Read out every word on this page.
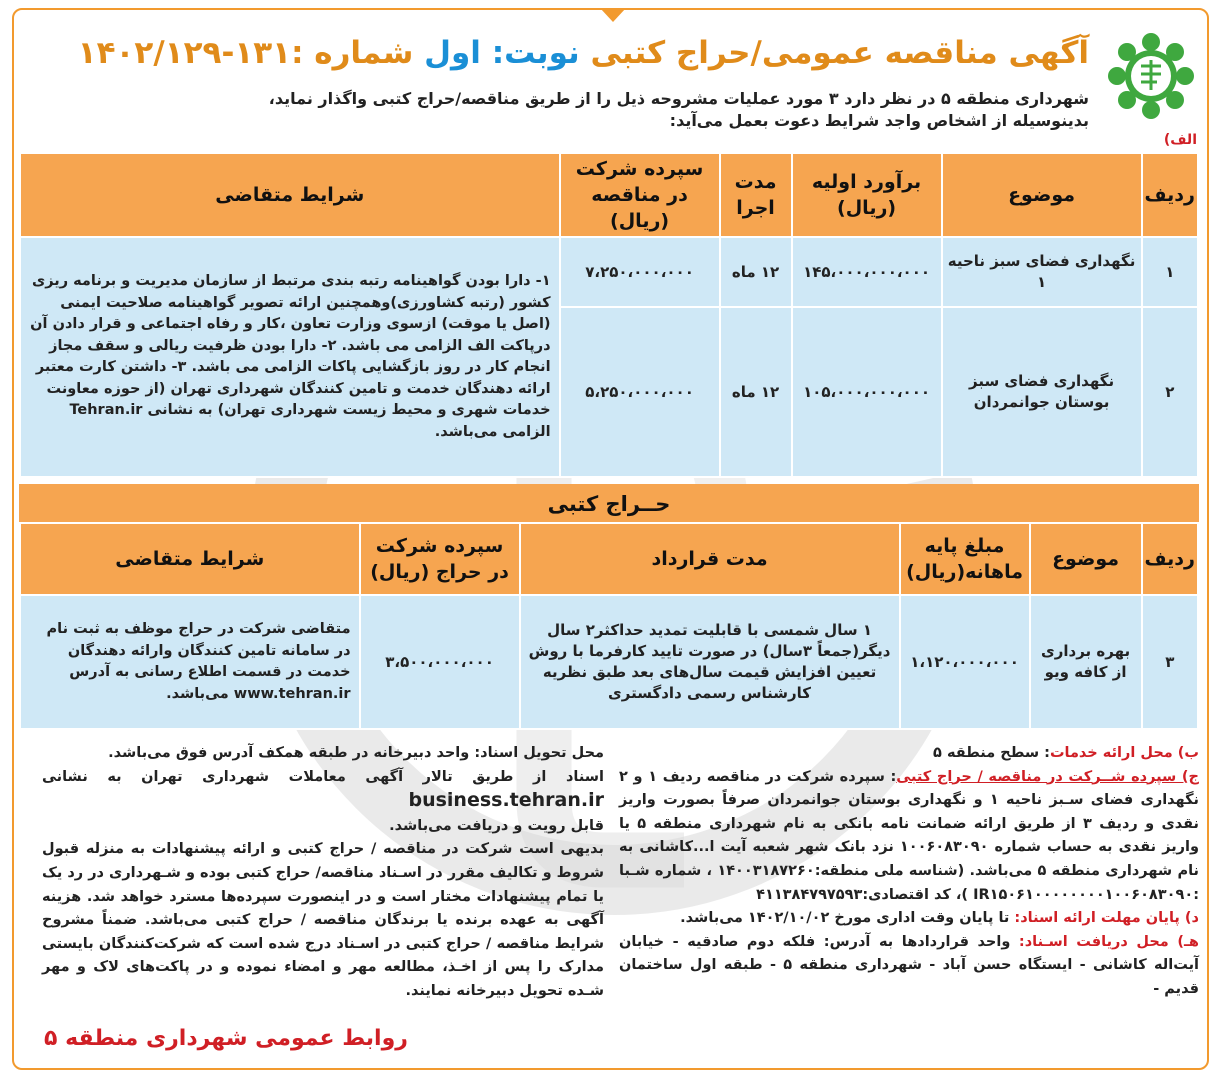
آگهی مناقصه عمومی/حراج کتبی نوبت: اول شماره :۱۳۱-۱۴۰۲/۱۲۹
شهرداری منطقه ۵ در نظر دارد ۳ مورد عملیات مشروحه ذیل را از طریق مناقصه/حراج کتبی واگذار نماید،
بدینوسیله از اشخاص واجد شرایط دعوت بعمل می‌آید:
الف)
ردیف	موضوع	برآورد اولیه (ریال)	مدت اجرا	سپرده شرکت در مناقصه (ریال)	شرایط متقاضی
۱	نگهداری فضای سبز ناحیه ۱	۱۴۵،۰۰۰،۰۰۰،۰۰۰	۱۲ ماه	۷،۲۵۰،۰۰۰،۰۰۰	۱- دارا بودن گواهینامه رتبه بندی مرتبط از سازمان مدیریت و برنامه ریزی کشور (رتبه کشاورزی)وهمچنین ارائه تصویر گواهینامه صلاحیت ایمنی (اصل یا موقت) ازسوی وزارت تعاون ،کار و رفاه اجتماعی و قرار دادن آن درپاکت الف الزامی می باشد. ۲- دارا بودن ظرفیت ریالی و سقف مجاز انجام کار در روز بازگشایی پاکات الزامی می باشد. ۳- داشتن کارت معتبر ارائه دهندگان خدمت و تامین کنندگان شهرداری تهران (از حوزه معاونت خدمات شهری و محیط زیست شهرداری تهران) به نشانی Tehran.ir الزامی می‌باشد.
۲	نگهداری فضای سبز بوستان جوانمردان	۱۰۵،۰۰۰،۰۰۰،۰۰۰	۱۲ ماه	۵،۲۵۰،۰۰۰،۰۰۰	
حــراج کتبی
ردیف	موضوع	مبلغ پایه ماهانه(ریال)	مدت قرارداد	سپرده شرکت در حراج (ریال)	شرایط متقاضی
۳	بهره برداری از کافه ویو	۱،۱۲۰،۰۰۰،۰۰۰	۱ سال شمسی با قابلیت تمدید حداکثر۲ سال دیگر(جمعاً ۳سال) در صورت تایید کارفرما با روش تعیین افزایش قیمت سال‌های بعد طبق نظریه کارشناس رسمی دادگستری	۳،۵۰۰،۰۰۰،۰۰۰	متقاضی شرکت در حراج موظف به ثبت نام در سامانه تامین کنندگان وارائه دهندگان خدمت در قسمت اطلاع رسانی به آدرس www.tehran.ir می‌باشد.
ب) محل ارائه خدمات: سطح منطقه ۵
ج) سپرده شــرکت در مناقصه / حراج کتبی: سپرده شرکت در مناقصه ردیف ۱ و ۲ نگهداری فضای سـبز ناحیه ۱ و نگهداری بوستان جوانمردان صرفاً بصورت واریز نقدی و ردیف ۳ از طریق ارائه ضمانت نامه بانکی به نام شهرداری منطقه ۵ یا واریز نقدی به حساب شماره ۱۰۰۶۰۸۳۰۹۰ نزد بانک شهر شعبه آیت ا...کاشانی به نام شهرداری منطقه ۵ می‌باشد. (شناسه ملی منطقه:۱۴۰۰۳۱۸۷۲۶۰ ، شماره شـبا :IR۱۵۰۶۱۰۰۰۰۰۰۰۰۱۰۰۶۰۸۳۰۹۰ )، کد اقتصادی:۴۱۱۳۸۴۷۹۷۵۹۳
د) پایان مهلت ارائه اسناد: تا پایان وقت اداری مورخ ۱۴۰۲/۱۰/۰۲ می‌باشد.
هـ) محل دریافت اسـناد: واحد قراردادها به آدرس: فلکه دوم صادقیه - خیابان آیت‌اله کاشانی - ایستگاه حسن آباد - شهرداری منطقه ۵ - طبقه اول ساختمان قدیم -
محل تحویل اسناد: واحد دبیرخانه در طبقه همکف آدرس فوق می‌باشد.
اسناد از طریق تالار آگهی معاملات شهرداری تهران به نشانی business.tehran.ir
قابل رویت و دریافت می‌باشد.
بدیهی است شرکت در مناقصه / حراج کتبی و ارائه پیشنهادات به منزله قبول شروط و تکالیف مقرر در اسـناد مناقصه/ حراج کتبی بوده و شـهرداری در رد یک یا تمام پیشنهادات مختار است و در اینصورت سپرده‌ها مسترد خواهد شد. هزینه آگهی به عهده برنده یا برندگان مناقصه / حراج کتبی می‌باشد. ضمناً مشروح شرایط مناقصه / حراج کتبی در اسـناد درج شده است که شرکت‌کنندگان بایستی مدارک را پس از اخـذ، مطالعه مهر و امضاء نموده و در پاکت‌های لاک و مهر شـده تحویل دبیرخانه نمایند.
روابط عمومی شهرداری منطقه ۵
